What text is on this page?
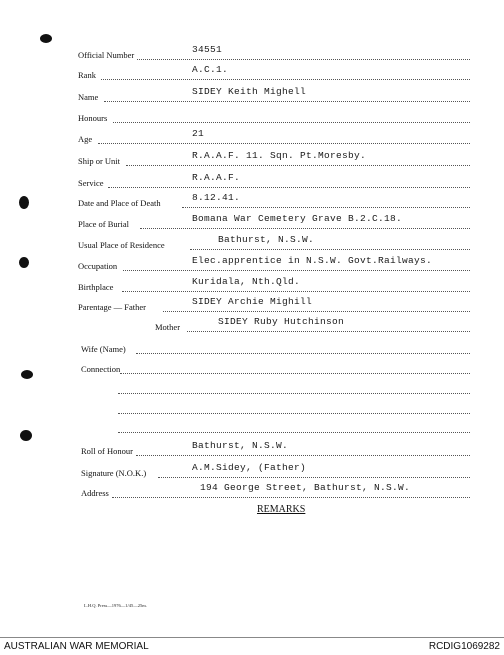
Official Number	34551
Rank	A.C.1.
Name	SIDEY Keith Mighell
Honours
Age	21
Ship or Unit	R.A.A.F. 11. Sqn. Pt.Moresby.
Service	R.A.A.F.
Date and Place of Death	8.12.41.
Place of Burial	Bomana War Cemetery Grave B.2.C.18.
Usual Place of Residence	Bathurst, N.S.W.
Occupation	Elec.apprentice in N.S.W. Govt.Railways.
Birthplace	Kuridala, Nth.Qld.
Parentage — Father	SIDEY Archie Mighill
Mother	SIDEY Ruby Hutchinson
Wife (Name)
Connection
Roll of Honour	Bathurst, N.S.W.
Signature (N.O.K.)	A.M.Sidey, (Father)
Address	194 George Street, Bathurst, N.S.W.
REMARKS
L.H.Q. Press—1976—1/45—25m.
AUSTRALIAN WAR MEMORIAL	RCDIG1069282
